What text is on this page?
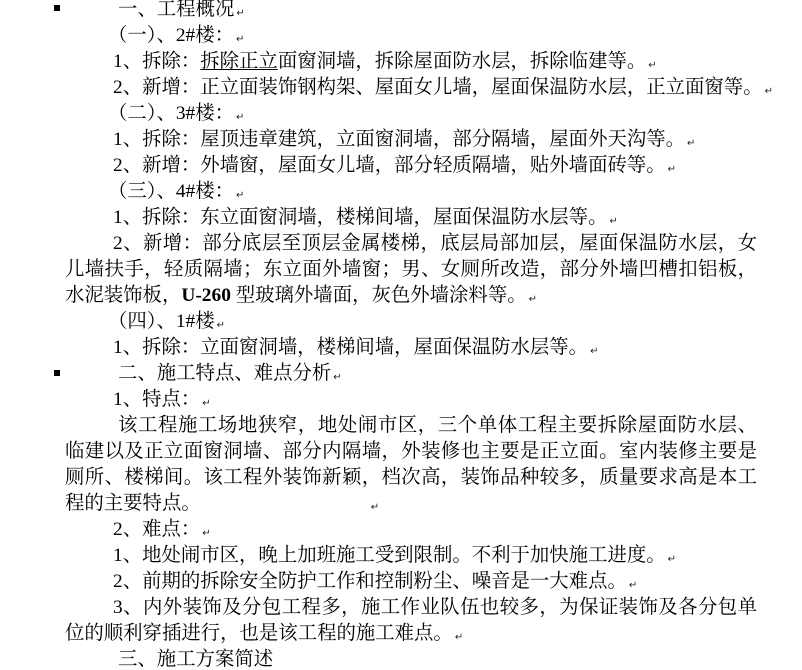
一、工程概况 ↵
（一）、2#楼： ↵
1、拆除：拆除正立面窗洞墙，拆除屋面防水层，拆除临建等。 ↵
2、新增：正立面装饰钢构架、屋面女儿墙，屋面保温防水层，正立面窗等。 ↵
（二）、3#楼： ↵
1、拆除：屋顶违章建筑，立面窗洞墙，部分隔墙，屋面外天沟等。 ↵
2、新增：外墙窗，屋面女儿墙，部分轻质隔墙，贴外墙面砖等。 ↵
（三）、4#楼： ↵
1、拆除：东立面窗洞墙，楼梯间墙，屋面保温防水层等。 ↵
2、新增：部分底层至顶层金属楼梯，底层局部加层，屋面保温防水层，女
儿墙扶手，轻质隔墙；东立面外墙窗；男、女厕所改造，部分外墙凹槽扣铝板，
水泥装饰板，U-260 型玻璃外墙面，灰色外墙涂料等。 ↵
（四）、1#楼 ↵
1、拆除：立面窗洞墙，楼梯间墙，屋面保温防水层等。 ↵
二、施工特点、难点分析 ↵
1、特点： ↵
该工程施工场地狭窄，地处闹市区，三个单体工程主要拆除屋面防水层、
临建以及正立面窗洞墙、部分内隔墙，外装修也主要是正立面。室内装修主要是
厕所、楼梯间。该工程外装饰新颖，档次高，装饰品种较多，质量要求高是本工
程的主要特点。	↵
2、难点： ↵
1、地处闹市区，晚上加班施工受到限制。不利于加快施工进度。 ↵
2、前期的拆除安全防护工作和控制粉尘、噪音是一大难点。 ↵
3、内外装饰及分包工程多，施工作业队伍也较多，为保证装饰及各分包单
位的顺利穿插进行，也是该工程的施工难点。 ↵
三、施工方案简述
